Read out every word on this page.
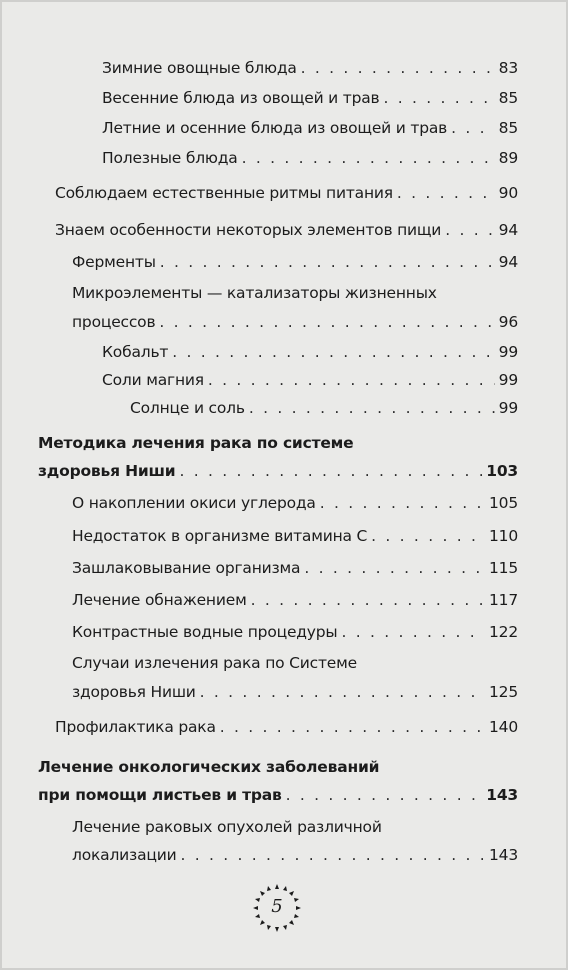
Зимние овощные блюда . . .	83
Весенние блюда из овощей и трав . . .	85
Летние и осенние блюда из овощей и трав . . .	85
Полезные блюда . . .	89
Соблюдаем естественные ритмы питания . . .	90
Знаем особенности некоторых элементов пищи . . .	94
Ферменты . . .	94
Микроэлементы — катализаторы жизненных
процессов . . .	96
Кобальт . . .	99
Соли магния . . .	99
Солнце и соль . . .	99
Методика лечения рака по системе
здоровья Ниши . . .	103
О накоплении окиси углерода . . .	105
Недостаток в организме витамина С . . .	110
Зашлаковывание организма . . .	115
Лечение обнажением . . .	117
Контрастные водные процедуры . . .	122
Случаи излечения рака по Системе
здоровья Ниши . . .	125
Профилактика рака . . .	140
Лечение онкологических заболеваний
при помощи листьев и трав . . .	143
Лечение раковых опухолей различной
локализации . . .	143
5
